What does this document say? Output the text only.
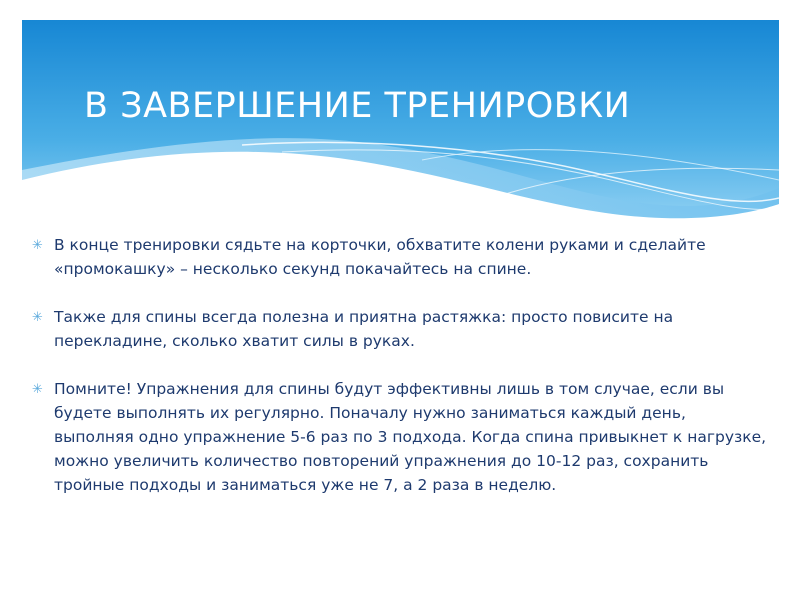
В ЗАВЕРШЕНИЕ ТРЕНИРОВКИ
✳ В конце тренировки сядьте на корточки, обхватите колени руками и сделайте «промокашку» – несколько секунд покачайтесь на спине.
✳ Также для спины всегда полезна и приятна растяжка: просто повисите на перекладине, сколько хватит силы в руках.
✳ Помните! Упражнения для спины будут эффективны лишь в том случае, если вы будете выполнять их регулярно. Поначалу нужно заниматься каждый день, выполняя одно упражнение 5-6 раз по 3 подхода. Когда спина привыкнет к нагрузке, можно увеличить количество повторений упражнения до 10-12 раз, сохранить тройные подходы и заниматься уже не 7, а 2 раза в неделю.
